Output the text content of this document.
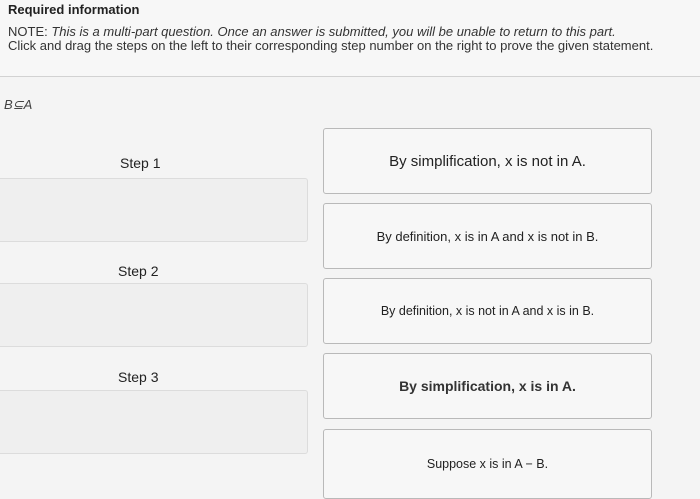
Required information
NOTE: This is a multi-part question. Once an answer is submitted, you will be unable to return to this part.
Click and drag the steps on the left to their corresponding step number on the right to prove the given statement.
B⊆A
Step 1
Step 2
Step 3
By simplification, x is not in A.
By definition, x is in A and x is not in B.
By definition, x is not in A and x is in B.
By simplification, x is in A.
Suppose x is in A − B.
